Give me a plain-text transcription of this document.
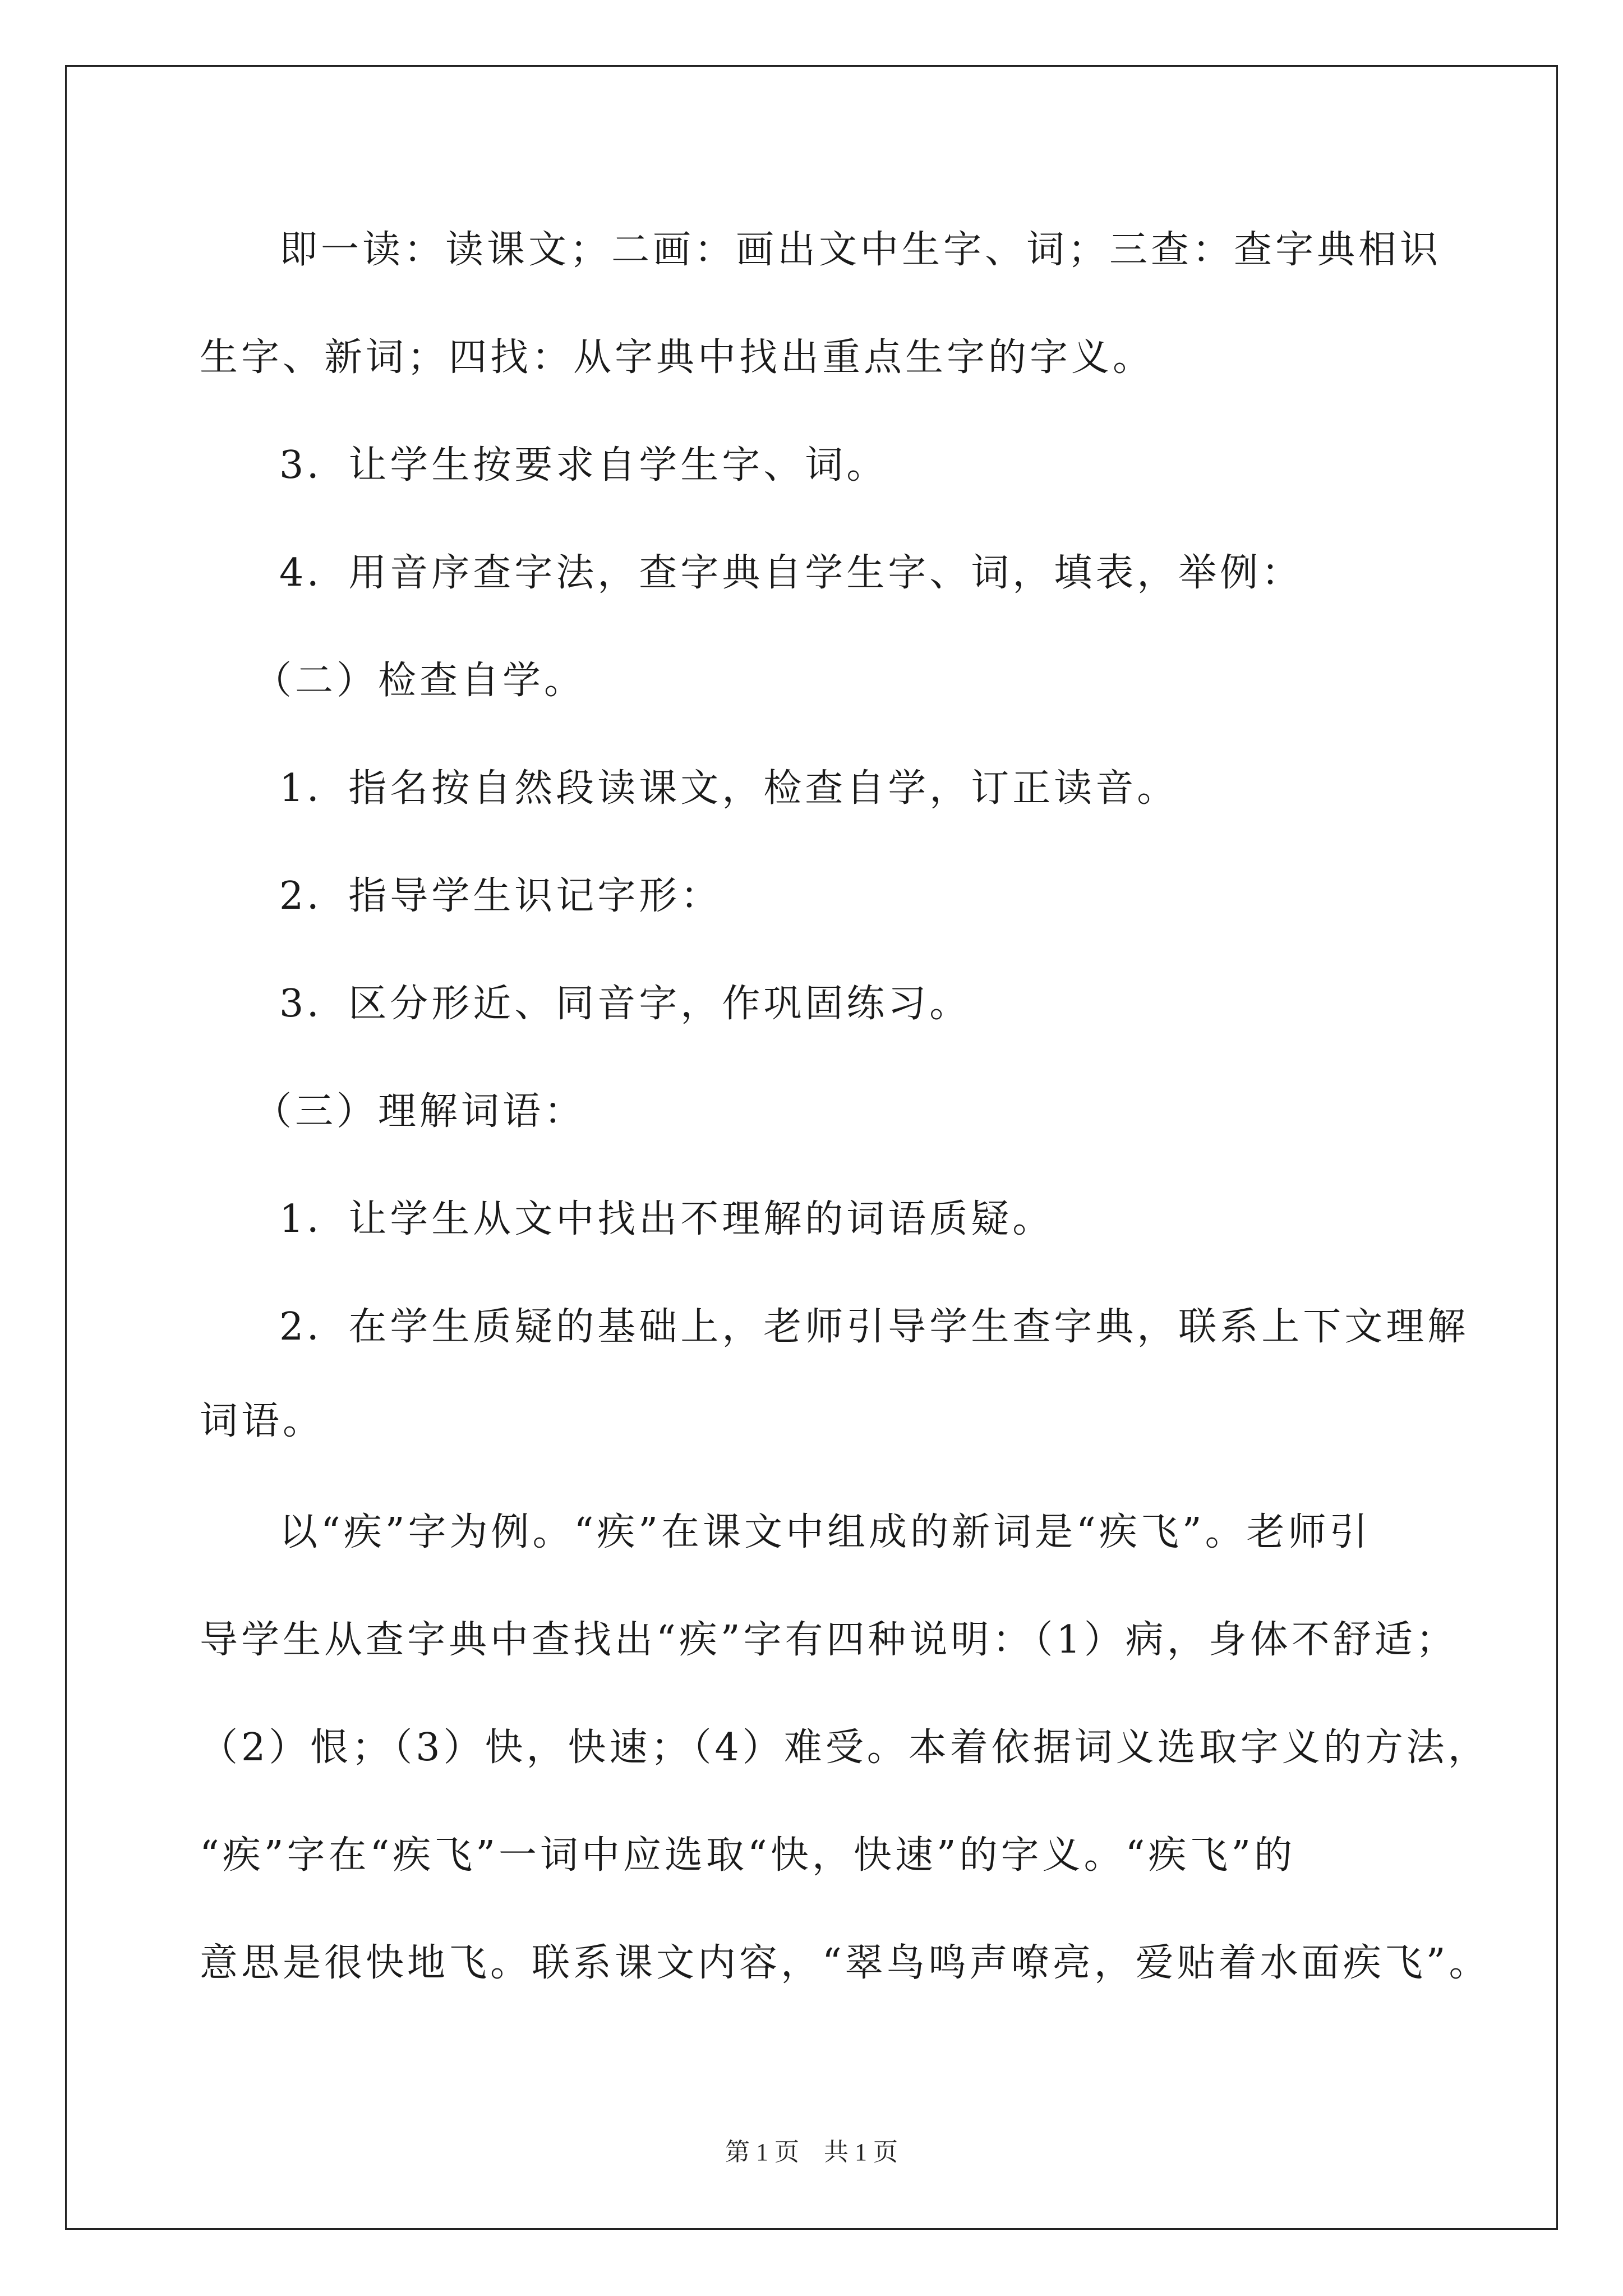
即一读：读课文；二画：画出文中生字、词；三查：查字典相识
生字、新词；四找：从字典中找出重点生字的字义。
3．让学生按要求自学生字、词。
4．用音序查字法，查字典自学生字、词，填表，举例：
（二）检查自学。
1．指名按自然段读课文，检查自学，订正读音。
2．指导学生识记字形：
3．区分形近、同音字，作巩固练习。
（三）理解词语：
1．让学生从文中找出不理解的词语质疑。
2．在学生质疑的基础上，老师引导学生查字典，联系上下文理解
词语。
以“疾”字为例。“疾”在课文中组成的新词是“疾飞”。老师引
导学生从查字典中查找出“疾”字有四种说明：（1）病，身体不舒适；
（2）恨；（3）快，快速；（4）难受。本着依据词义选取字义的方法，
“疾”字在“疾飞”一词中应选取“快，快速”的字义。“疾飞”的
意思是很快地飞。联系课文内容，“翠鸟鸣声嘹亮，爱贴着水面疾飞”。
第 1 页　共 1 页
